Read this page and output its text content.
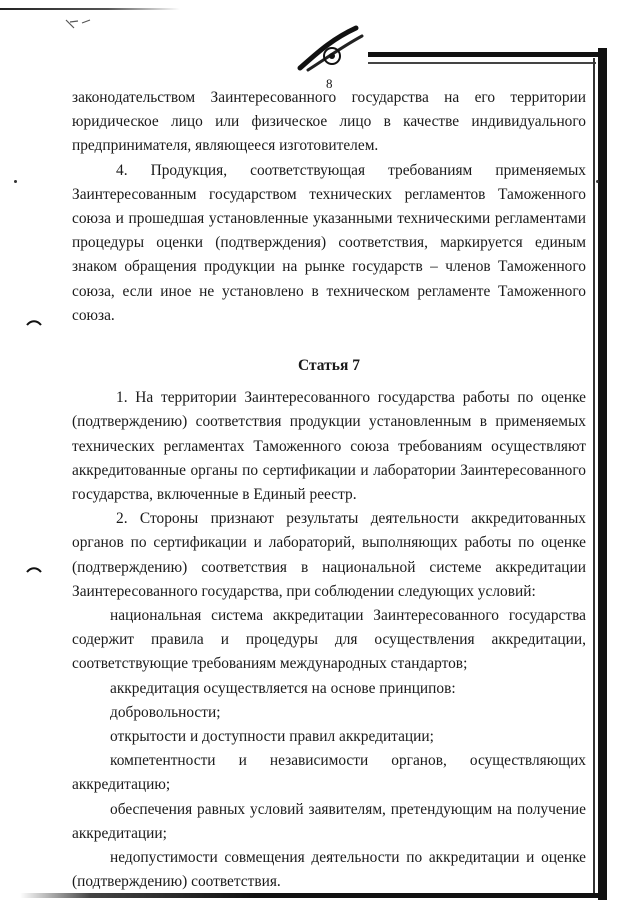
8

законодательством Заинтересованного государства на его территории юридическое лицо или физическое лицо в качестве индивидуального предпринимателя, являющееся изготовителем.

4. Продукция, соответствующая требованиям применяемых Заинтересованным государством технических регламентов Таможенного союза и прошедшая установленные указанными техническими регламентами процедуры оценки (подтверждения) соответствия, маркируется единым знаком обращения продукции на рынке государств – членов Таможенного союза, если иное не установлено в техническом регламенте Таможенного союза.

Статья 7

1. На территории Заинтересованного государства работы по оценке (подтверждению) соответствия продукции установленным в применяемых технических регламентах Таможенного союза требованиям осуществляют аккредитованные органы по сертификации и лаборатории Заинтересованного государства, включенные в Единый реестр.

2. Стороны признают результаты деятельности аккредитованных органов по сертификации и лабораторий, выполняющих работы по оценке (подтверждению) соответствия в национальной системе аккредитации Заинтересованного государства, при соблюдении следующих условий:

национальная система аккредитации Заинтересованного государства содержит правила и процедуры для осуществления аккредитации, соответствующие требованиям международных стандартов;

аккредитация осуществляется на основе принципов:

добровольности;

открытости и доступности правил аккредитации;

компетентности и независимости органов, осуществляющих аккредитацию;

обеспечения равных условий заявителям, претендующим на получение аккредитации;

недопустимости совмещения деятельности по аккредитации и оценке (подтверждению) соответствия.
